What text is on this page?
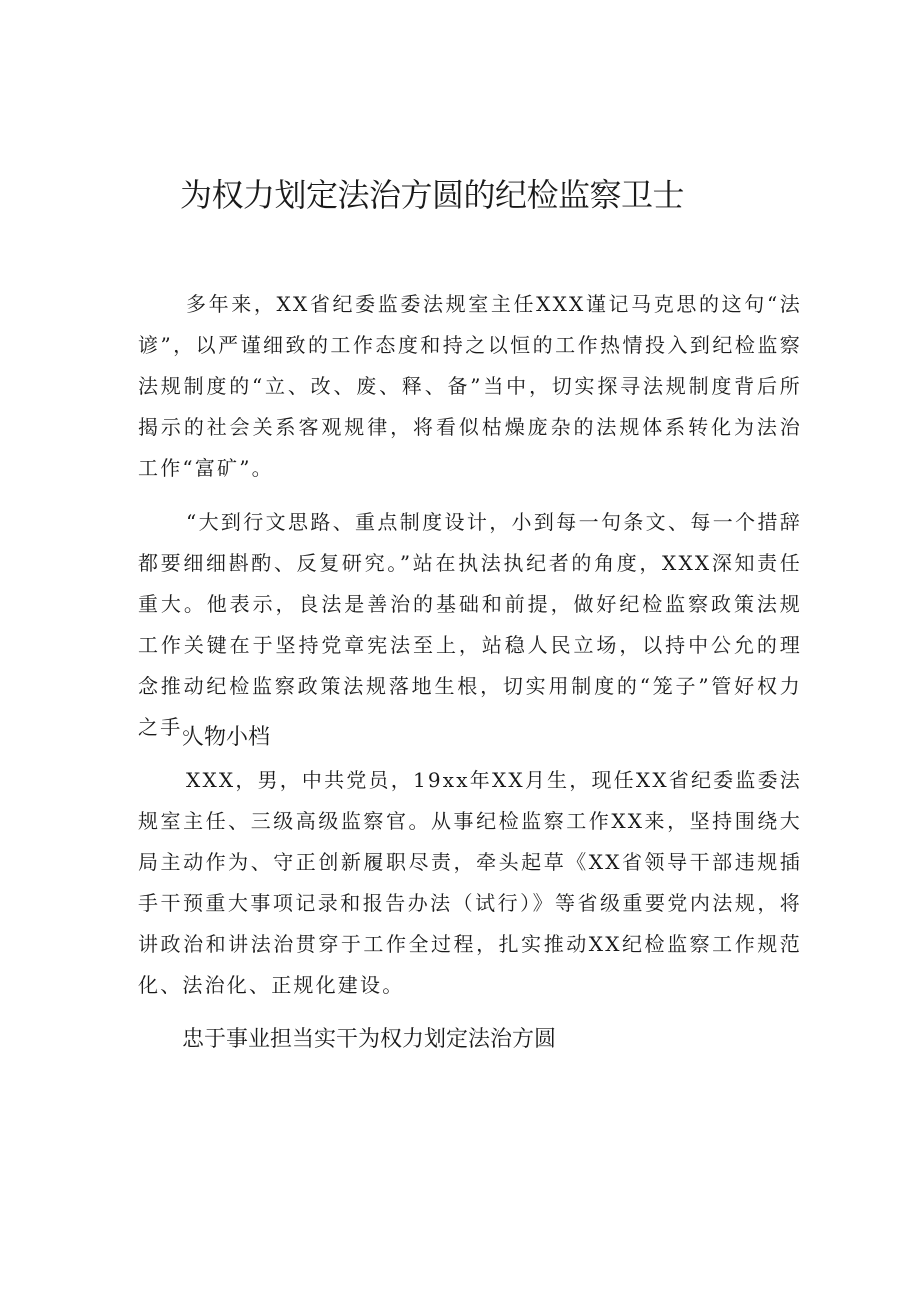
为权力划定法治方圆的纪检监察卫士

多年来，XX省纪委监委法规室主任XXX谨记马克思的这句“法谚”，以严谨细致的工作态度和持之以恒的工作热情投入到纪检监察法规制度的“立、改、废、释、备”当中，切实探寻法规制度背后所揭示的社会关系客观规律，将看似枯燥庞杂的法规体系转化为法治工作“富矿”。

“大到行文思路、重点制度设计，小到每一句条文、每一个措辞都要细细斟酌、反复研究。”站在执法执纪者的角度，XXX深知责任重大。他表示，良法是善治的基础和前提，做好纪检监察政策法规工作关键在于坚持党章宪法至上，站稳人民立场，以持中公允的理念推动纪检监察政策法规落地生根，切实用制度的“笼子”管好权力之手。

人物小档

XXX，男，中共党员，19xx年XX月生，现任XX省纪委监委法规室主任、三级高级监察官。从事纪检监察工作XX来，坚持围绕大局主动作为、守正创新履职尽责，牵头起草《XX省领导干部违规插手干预重大事项记录和报告办法（试行）》等省级重要党内法规，将讲政治和讲法治贯穿于工作全过程，扎实推动XX纪检监察工作规范化、法治化、正规化建设。

忠于事业担当实干为权力划定法治方圆
